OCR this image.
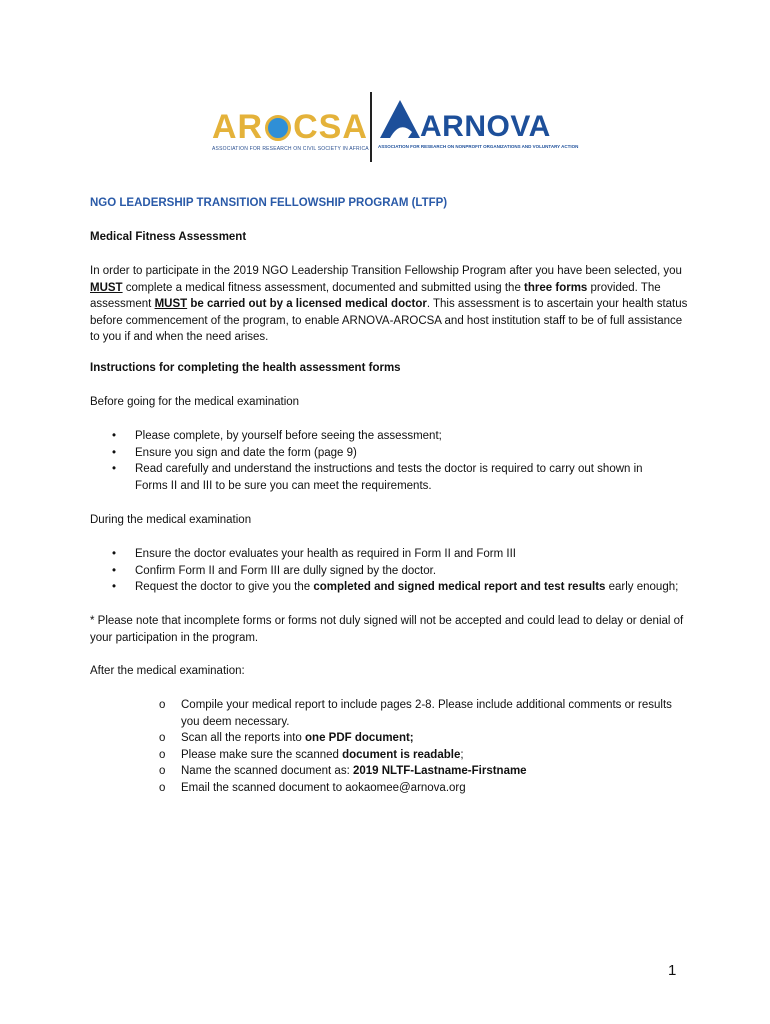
AR CSA
ASSOCIATION FOR RESEARCH ON CIVIL SOCIETY IN AFRICA
ARNOVA
ASSOCIATION FOR RESEARCH ON NONPROFIT ORGANIZATIONS AND VOLUNTARY ACTION
NGO LEADERSHIP TRANSITION FELLOWSHIP PROGRAM (LTFP)
Medical Fitness Assessment
In order to participate in the 2019 NGO Leadership Transition Fellowship Program after you have been selected, you MUST complete a medical fitness assessment, documented and submitted using the three forms provided. The assessment MUST be carried out by a licensed medical doctor. This assessment is to ascertain your health status before commencement of the program, to enable ARNOVA-AROCSA and host institution staff to be of full assistance to you if and when the need arises.
Instructions for completing the health assessment forms
Before going for the medical examination
• Please complete, by yourself before seeing the assessment;
• Ensure you sign and date the form (page 9)
• Read carefully and understand the instructions and tests the doctor is required to carry out shown in Forms II and III to be sure you can meet the requirements.
During the medical examination
• Ensure the doctor evaluates your health as required in Form II and Form III
• Confirm Form II and Form III are dully signed by the doctor.
• Request the doctor to give you the completed and signed medical report and test results early enough;
* Please note that incomplete forms or forms not duly signed will not be accepted and could lead to delay or denial of your participation in the program.
After the medical examination:
o Compile your medical report to include pages 2-8. Please include additional comments or results you deem necessary.
o Scan all the reports into one PDF document;
o Please make sure the scanned document is readable;
o Name the scanned document as: 2019 NLTF-Lastname-Firstname
o Email the scanned document to aokaomee@arnova.org
1
